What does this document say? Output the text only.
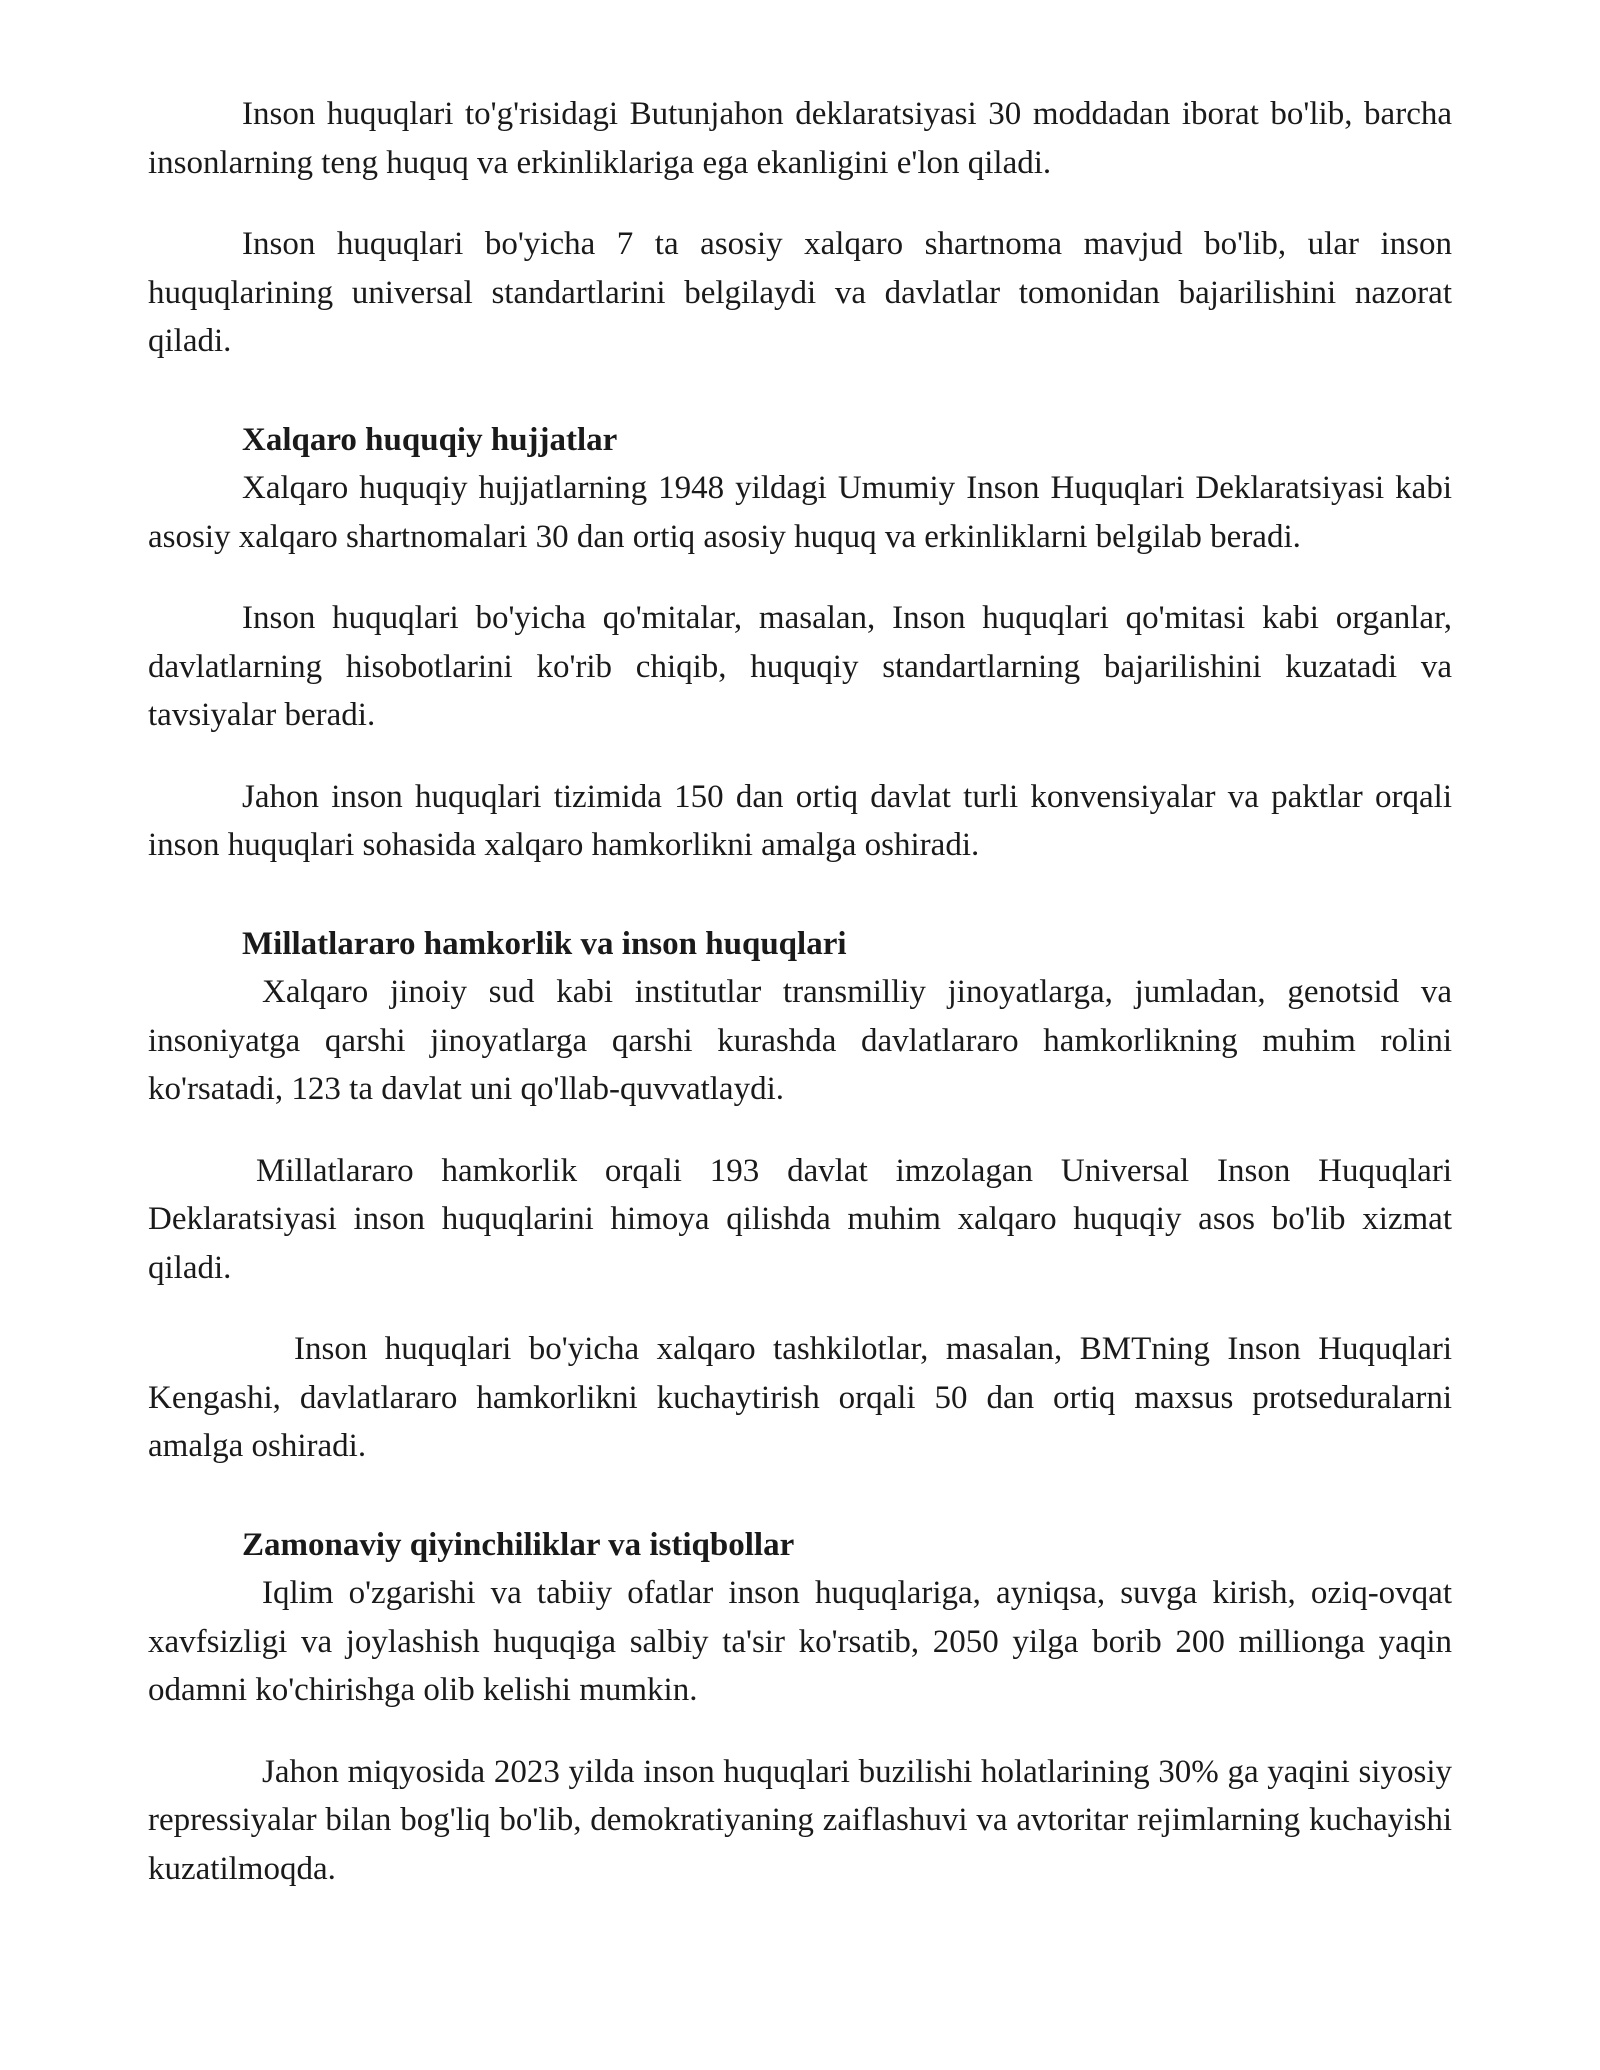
Inson huquqlari to'g'risidagi Butunjahon deklaratsiyasi 30 moddadan iborat bo'lib, barcha insonlarning teng huquq va erkinliklariga ega ekanligini e'lon qiladi.

Inson huquqlari bo'yicha 7 ta asosiy xalqaro shartnoma mavjud bo'lib, ular inson huquqlarining universal standartlarini belgilaydi va davlatlar tomonidan bajarilishini nazorat qiladi.

Xalqaro huquqiy hujjatlar

Xalqaro huquqiy hujjatlarning 1948 yildagi Umumiy Inson Huquqlari Deklaratsiyasi kabi asosiy xalqaro shartnomalari 30 dan ortiq asosiy huquq va erkinliklarni belgilab beradi.

Inson huquqlari bo'yicha qo'mitalar, masalan, Inson huquqlari qo'mitasi kabi organlar, davlatlarning hisobotlarini ko'rib chiqib, huquqiy standartlarning bajarilishini kuzatadi va tavsiyalar beradi.

Jahon inson huquqlari tizimida 150 dan ortiq davlat turli konvensiyalar va paktlar orqali inson huquqlari sohasida xalqaro hamkorlikni amalga oshiradi.

Millatlararo hamkorlik va inson huquqlari

Xalqaro jinoiy sud kabi institutlar transmilliy jinoyatlarga, jumladan, genotsid va insoniyatga qarshi jinoyatlarga qarshi kurashda davlatlararo hamkorlikning muhim rolini ko'rsatadi, 123 ta davlat uni qo'llab-quvvatlaydi.

Millatlararo hamkorlik orqali 193 davlat imzolagan Universal Inson Huquqlari Deklaratsiyasi inson huquqlarini himoya qilishda muhim xalqaro huquqiy asos bo'lib xizmat qiladi.

Inson huquqlari bo'yicha xalqaro tashkilotlar, masalan, BMTning Inson Huquqlari Kengashi, davlatlararo hamkorlikni kuchaytirish orqali 50 dan ortiq maxsus protseduralarni amalga oshiradi.

Zamonaviy qiyinchiliklar va istiqbollar

Iqlim o'zgarishi va tabiiy ofatlar inson huquqlariga, ayniqsa, suvga kirish, oziq-ovqat xavfsizligi va joylashish huquqiga salbiy ta'sir ko'rsatib, 2050 yilga borib 200 millionga yaqin odamni ko'chirishga olib kelishi mumkin.

Jahon miqyosida 2023 yilda inson huquqlari buzilishi holatlarining 30% ga yaqini siyosiy repressiyalar bilan bog'liq bo'lib, demokratiyaning zaiflashuvi va avtoritar rejimlarning kuchayishi kuzatilmoqda.
